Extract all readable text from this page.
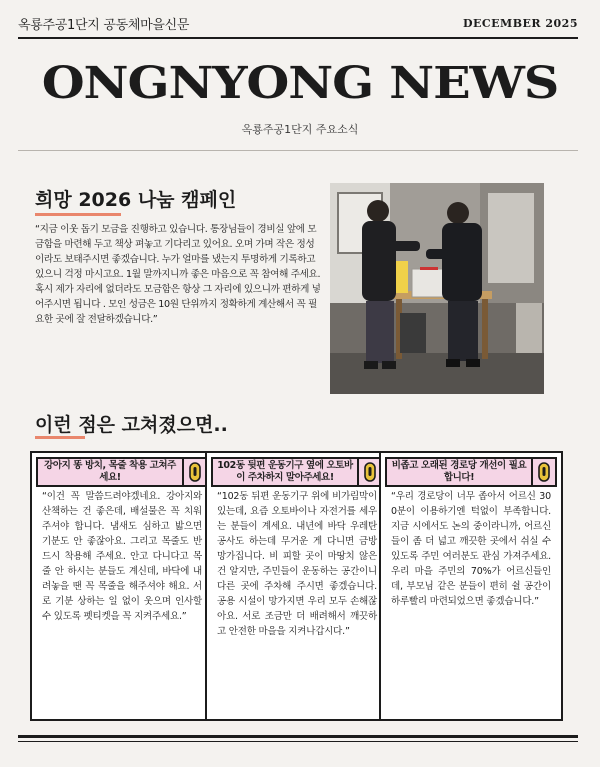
옥룡주공1단지 공동체마을신문	DECEMBER 2025
ONGNYONG NEWS
옥룡주공1단지 주요소식
희망 2026 나눔 캠페인

“지금 이웃 돕기 모금을 진행하고 있습니다. 통장님들이 경비실 앞에 모금함을 마련해 두고 책상 펴놓고 기다리고 있어요. 오며 가며 작은 정성이라도 보태주시면 좋겠습니다. 누가 얼마를 냈는지 투명하게 기록하고 있으니 걱정 마시고요. 1월 말까지니까 좋은 마음으로 꼭 참여해 주세요. 혹시 제가 자리에 없더라도 모금함은 항상 그 자리에 있으니까 편하게 넣어주시면 됩니다 . 모인 성금은 10원 단위까지 정확하게 계산해서 꼭 필요한 곳에 잘 전달하겠습니다.”

이런 점은 고쳐졌으면..
강아지 똥 방치, 목줄 착용 고쳐주세요!

“이건 꼭 말씀드려야겠네요. 강아지와 산책하는 건 좋은데, 배설물은 꼭 치워주셔야 합니다. 냄새도 심하고 밟으면 기분도 안 좋잖아요. 그리고 목줄도 반드시 착용해 주세요. 안고 다니다고 목줄 안 하시는 분들도 계신데, 바닥에 내려놓을 땐 꼭 목줄을 해주셔야 해요. 서로 기분 상하는 일 없이 웃으며 인사할 수 있도록 펫티켓을 꼭 지켜주세요.”

102동 뒷편 운동기구 옆에 오토바이 주차하지 말아주세요!

“102동 뒤편 운동기구 위에 비가림막이 있는데, 요즘 오토바이나 자전거를 세우는 분들이 계세요. 내년에 바닥 우레탄 공사도 하는데 무거운 게 다니면 금방 망가집니다. 비 피할 곳이 마땅치 않은 건 알지만, 주민들이 운동하는 공간이니 다른 곳에 주차해 주시면 좋겠습니다. 공용 시설이 망가지면 우리 모두 손해잖아요. 서로 조금만 더 배려해서 깨끗하고 안전한 마을을 지켜나갑시다.”

비좁고 오래된 경로당 개선이 필요합니다!

“우리 경로당이 너무 좁아서 어르신 300분이 이용하기엔 턱없이 부족합니다. 지금 시에서도 논의 중이라니까, 어르신들이 좀 더 넓고 깨끗한 곳에서 쉬실 수 있도록 주민 여러분도 관심 가져주세요. 우리 마을 주민의 70%가 어르신들인데, 부모님 같은 분들이 편히 쉴 공간이 하루빨리 마련되었으면 좋겠습니다.”
